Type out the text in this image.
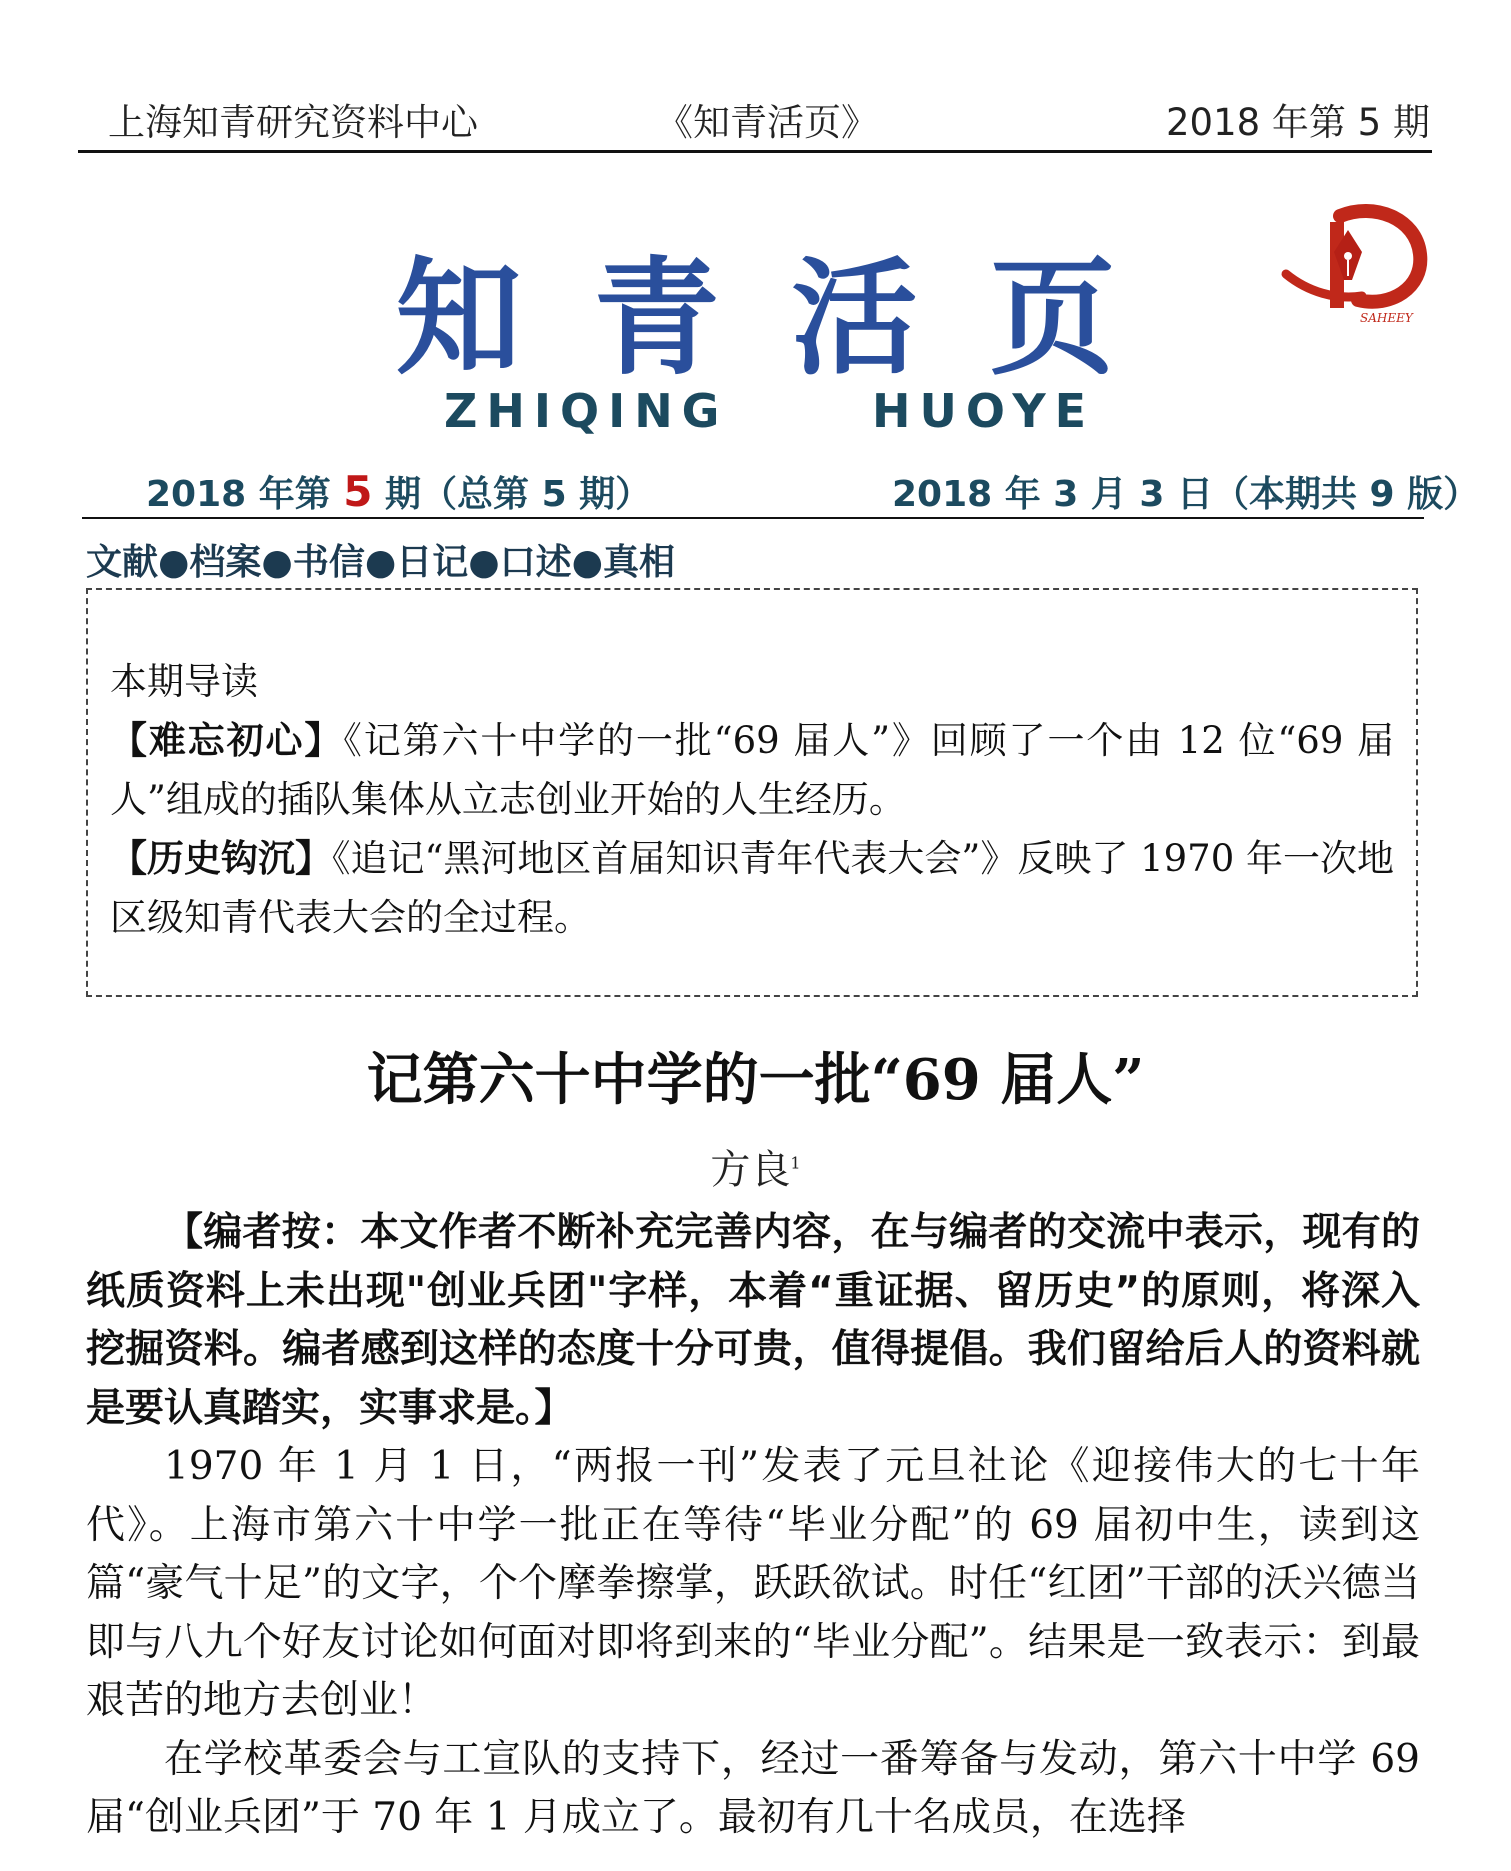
上海知青研究资料中心	《知青活页》	2018 年第 5 期
知青活页	SAHEEY
ZHIQING	HUOYE
2018 年第 5 期（总第 5 期）	2018 年 3 月 3 日（本期共 9 版）
文献●档案●书信●日记●口述●真相

本期导读

【难忘初心】《记第六十中学的一批“69 届人”》回顾了一个由 12 位“69 届人”组成的插队集体从立志创业开始的人生经历。

【历史钩沉】《追记“黑河地区首届知识青年代表大会”》反映了 1970 年一次地区级知青代表大会的全过程。

记第六十中学的一批“69 届人”
方良$^1$

【编者按：本文作者不断补充完善内容，在与编者的交流中表示，现有的纸质资料上未出现"创业兵团"字样，本着“重证据、留历史”的原则，将深入挖掘资料。编者感到这样的态度十分可贵，值得提倡。我们留给后人的资料就是要认真踏实，实事求是。】

1970 年 1 月 1 日，“两报一刊”发表了元旦社论《迎接伟大的七十年代》。上海市第六十中学一批正在等待“毕业分配”的 69 届初中生，读到这篇“豪气十足”的文字，个个摩拳擦掌，跃跃欲试。时任“红团”干部的沃兴德当即与八九个好友讨论如何面对即将到来的“毕业分配”。结果是一致表示：到最艰苦的地方去创业！

在学校革委会与工宣队的支持下，经过一番筹备与发动，第六十中学 69 届“创业兵团”于 70 年 1 月成立了。最初有几十名成员，在选择
